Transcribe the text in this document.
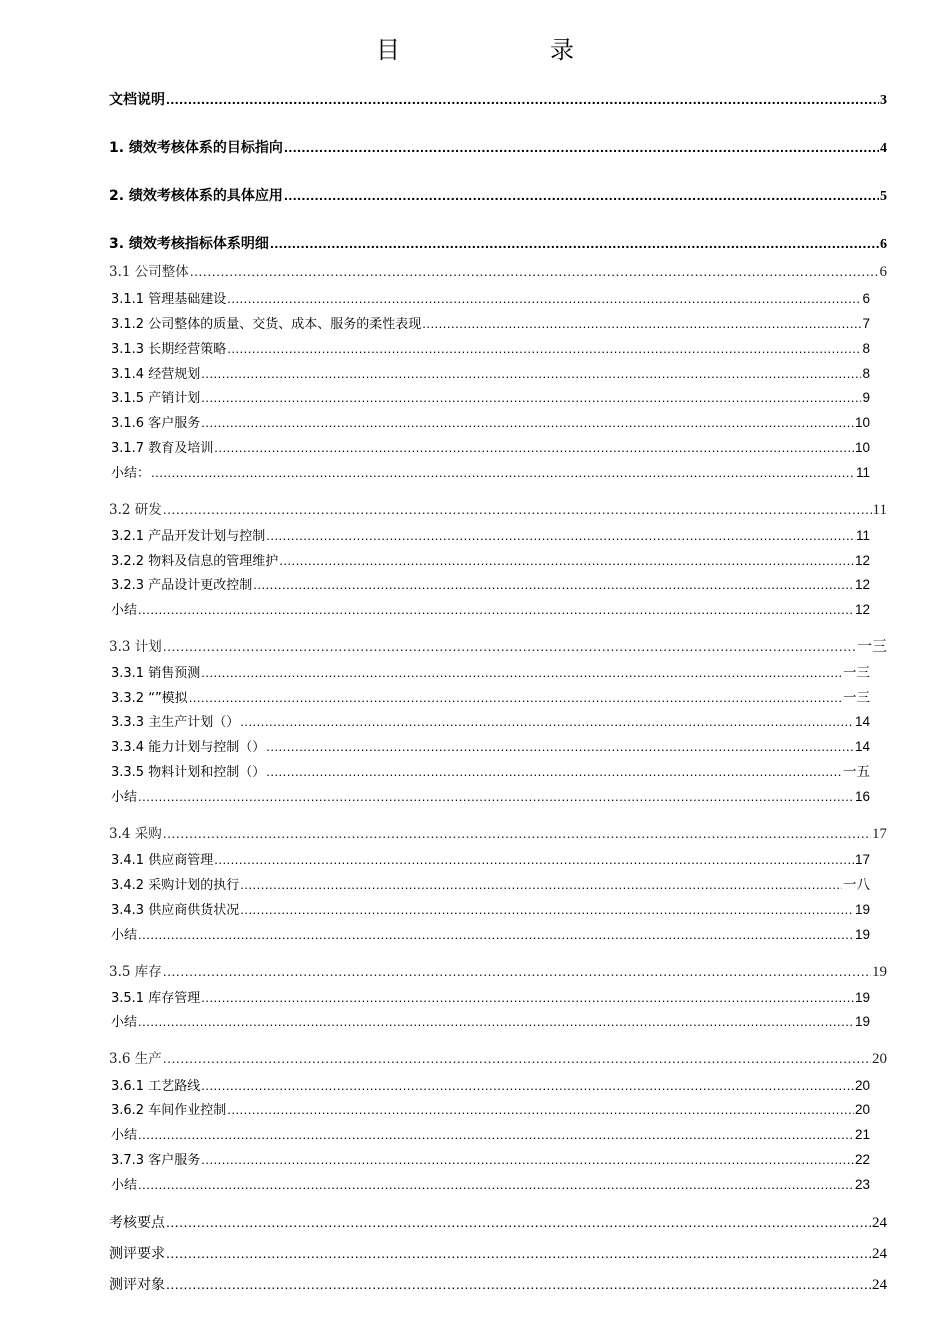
目录
文档说明 .....	3
1. 绩效考核体系的目标指向 .....	4
2. 绩效考核体系的具体应用 .....	5
3. 绩效考核指标体系明细 .....	6
3.1 公司整体 .....	6
3.1.1 管理基础建设 .....	6
3.1.2 公司整体的质量、交货、成本、服务的柔性表现 .....	7
3.1.3 长期经营策略 .....	8
3.1.4 经营规划 .....	8
3.1.5 产销计划 .....	9
3.1.6 客户服务 .....	10
3.1.7 教育及培训 .....	10
小结： .....	11
3.2 研发 .....	11
3.2.1 产品开发计划与控制 .....	11
3.2.2 物料及信息的管理维护 .....	12
3.2.3 产品设计更改控制 .....	12
小结 .....	12
3.3 计划 .....	一三
3.3.1 销售预测 .....	一三
3.3.2 “”模拟 .....	一三
3.3.3 主生产计划（） .....	14
3.3.4 能力计划与控制（） .....	14
3.3.5 物料计划和控制（） .....	一五
小结 .....	16
3.4 采购 .....	17
3.4.1 供应商管理 .....	17
3.4.2 采购计划的执行 .....	一八
3.4.3 供应商供货状况 .....	19
小结 .....	19
3.5 库存 .....	19
3.5.1 库存管理 .....	19
小结 .....	19
3.6 生产 .....	20
3.6.1 工艺路线 .....	20
3.6.2 车间作业控制 .....	20
小结 .....	21
3.7.3 客户服务 .....	22
小结 .....	23
考核要点 .....	24
测评要求 .....	24
测评对象 .....	24
